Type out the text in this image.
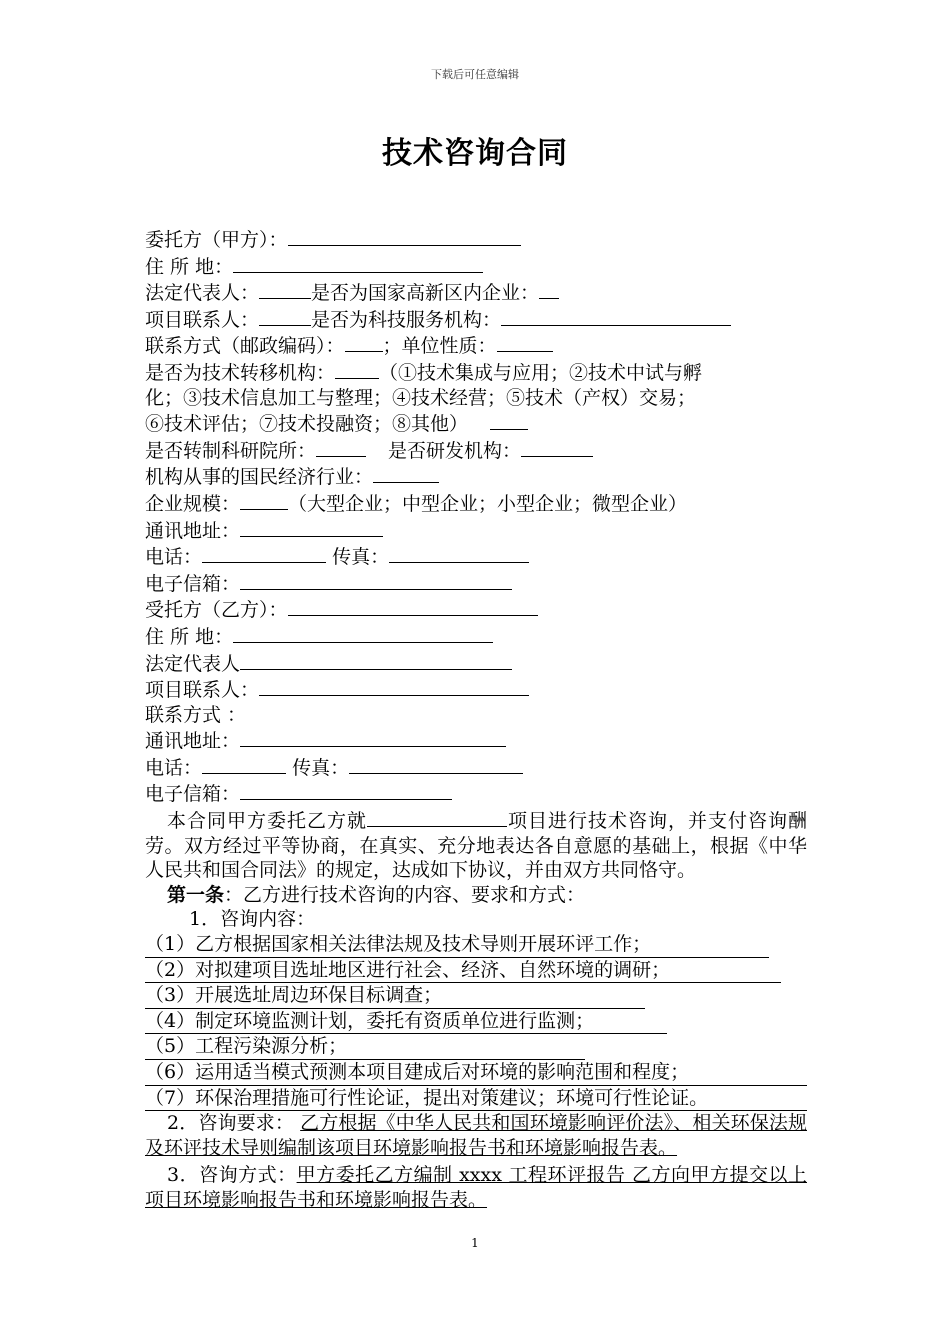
下载后可任意编辑
技术咨询合同
委托方（甲方）：
住 所 地：
法定代表人：	是否为国家高新区内企业：
项目联系人：	是否为科技服务机构：
联系方式（邮政编码）： ；单位性质：
是否为技术转移机构： （①技术集成与应用；②技术中试与孵
化；③技术信息加工与整理；④技术经营；⑤技术（产权）交易；
⑥技术评估；⑦技术投融资；⑧其他）
是否转制科研院所：	是否研发机构：
机构从事的国民经济行业：
企业规模：	（大型企业；中型企业；小型企业；微型企业）
通讯地址：
电话：	传真：
电子信箱：
受托方（乙方）：
住 所 地：
法定代表人
项目联系人：
联系方式 ：
通讯地址：
电话：	传真：
电子信箱：
本合同甲方委托乙方就	项目进行技术咨询，并支付咨询酬劳。双方经过平等协商，在真实、充分地表达各自意愿的基础上，根据《中华人民共和国合同法》的规定，达成如下协议，并由双方共同恪守。
第一条：乙方进行技术咨询的内容、要求和方式：
1．咨询内容：
（1）乙方根据国家相关法律法规及技术导则开展环评工作；
（2）对拟建项目选址地区进行社会、经济、自然环境的调研；
（3）开展选址周边环保目标调查；
（4）制定环境监测计划，委托有资质单位进行监测；
（5）工程污染源分析；
（6）运用适当模式预测本项目建成后对环境的影响范围和程度；
（7）环保治理措施可行性论证，提出对策建议；环境可行性论证。
2．咨询要求： 乙方根据《中华人民共和国环境影响评价法》、相关环保法规及环评技术导则编制该项目环境影响报告书和环境影响报告表。
3．咨询方式：甲方委托乙方编制 xxxx 工程环评报告 乙方向甲方提交以上项目环境影响报告书和环境影响报告表。
1
